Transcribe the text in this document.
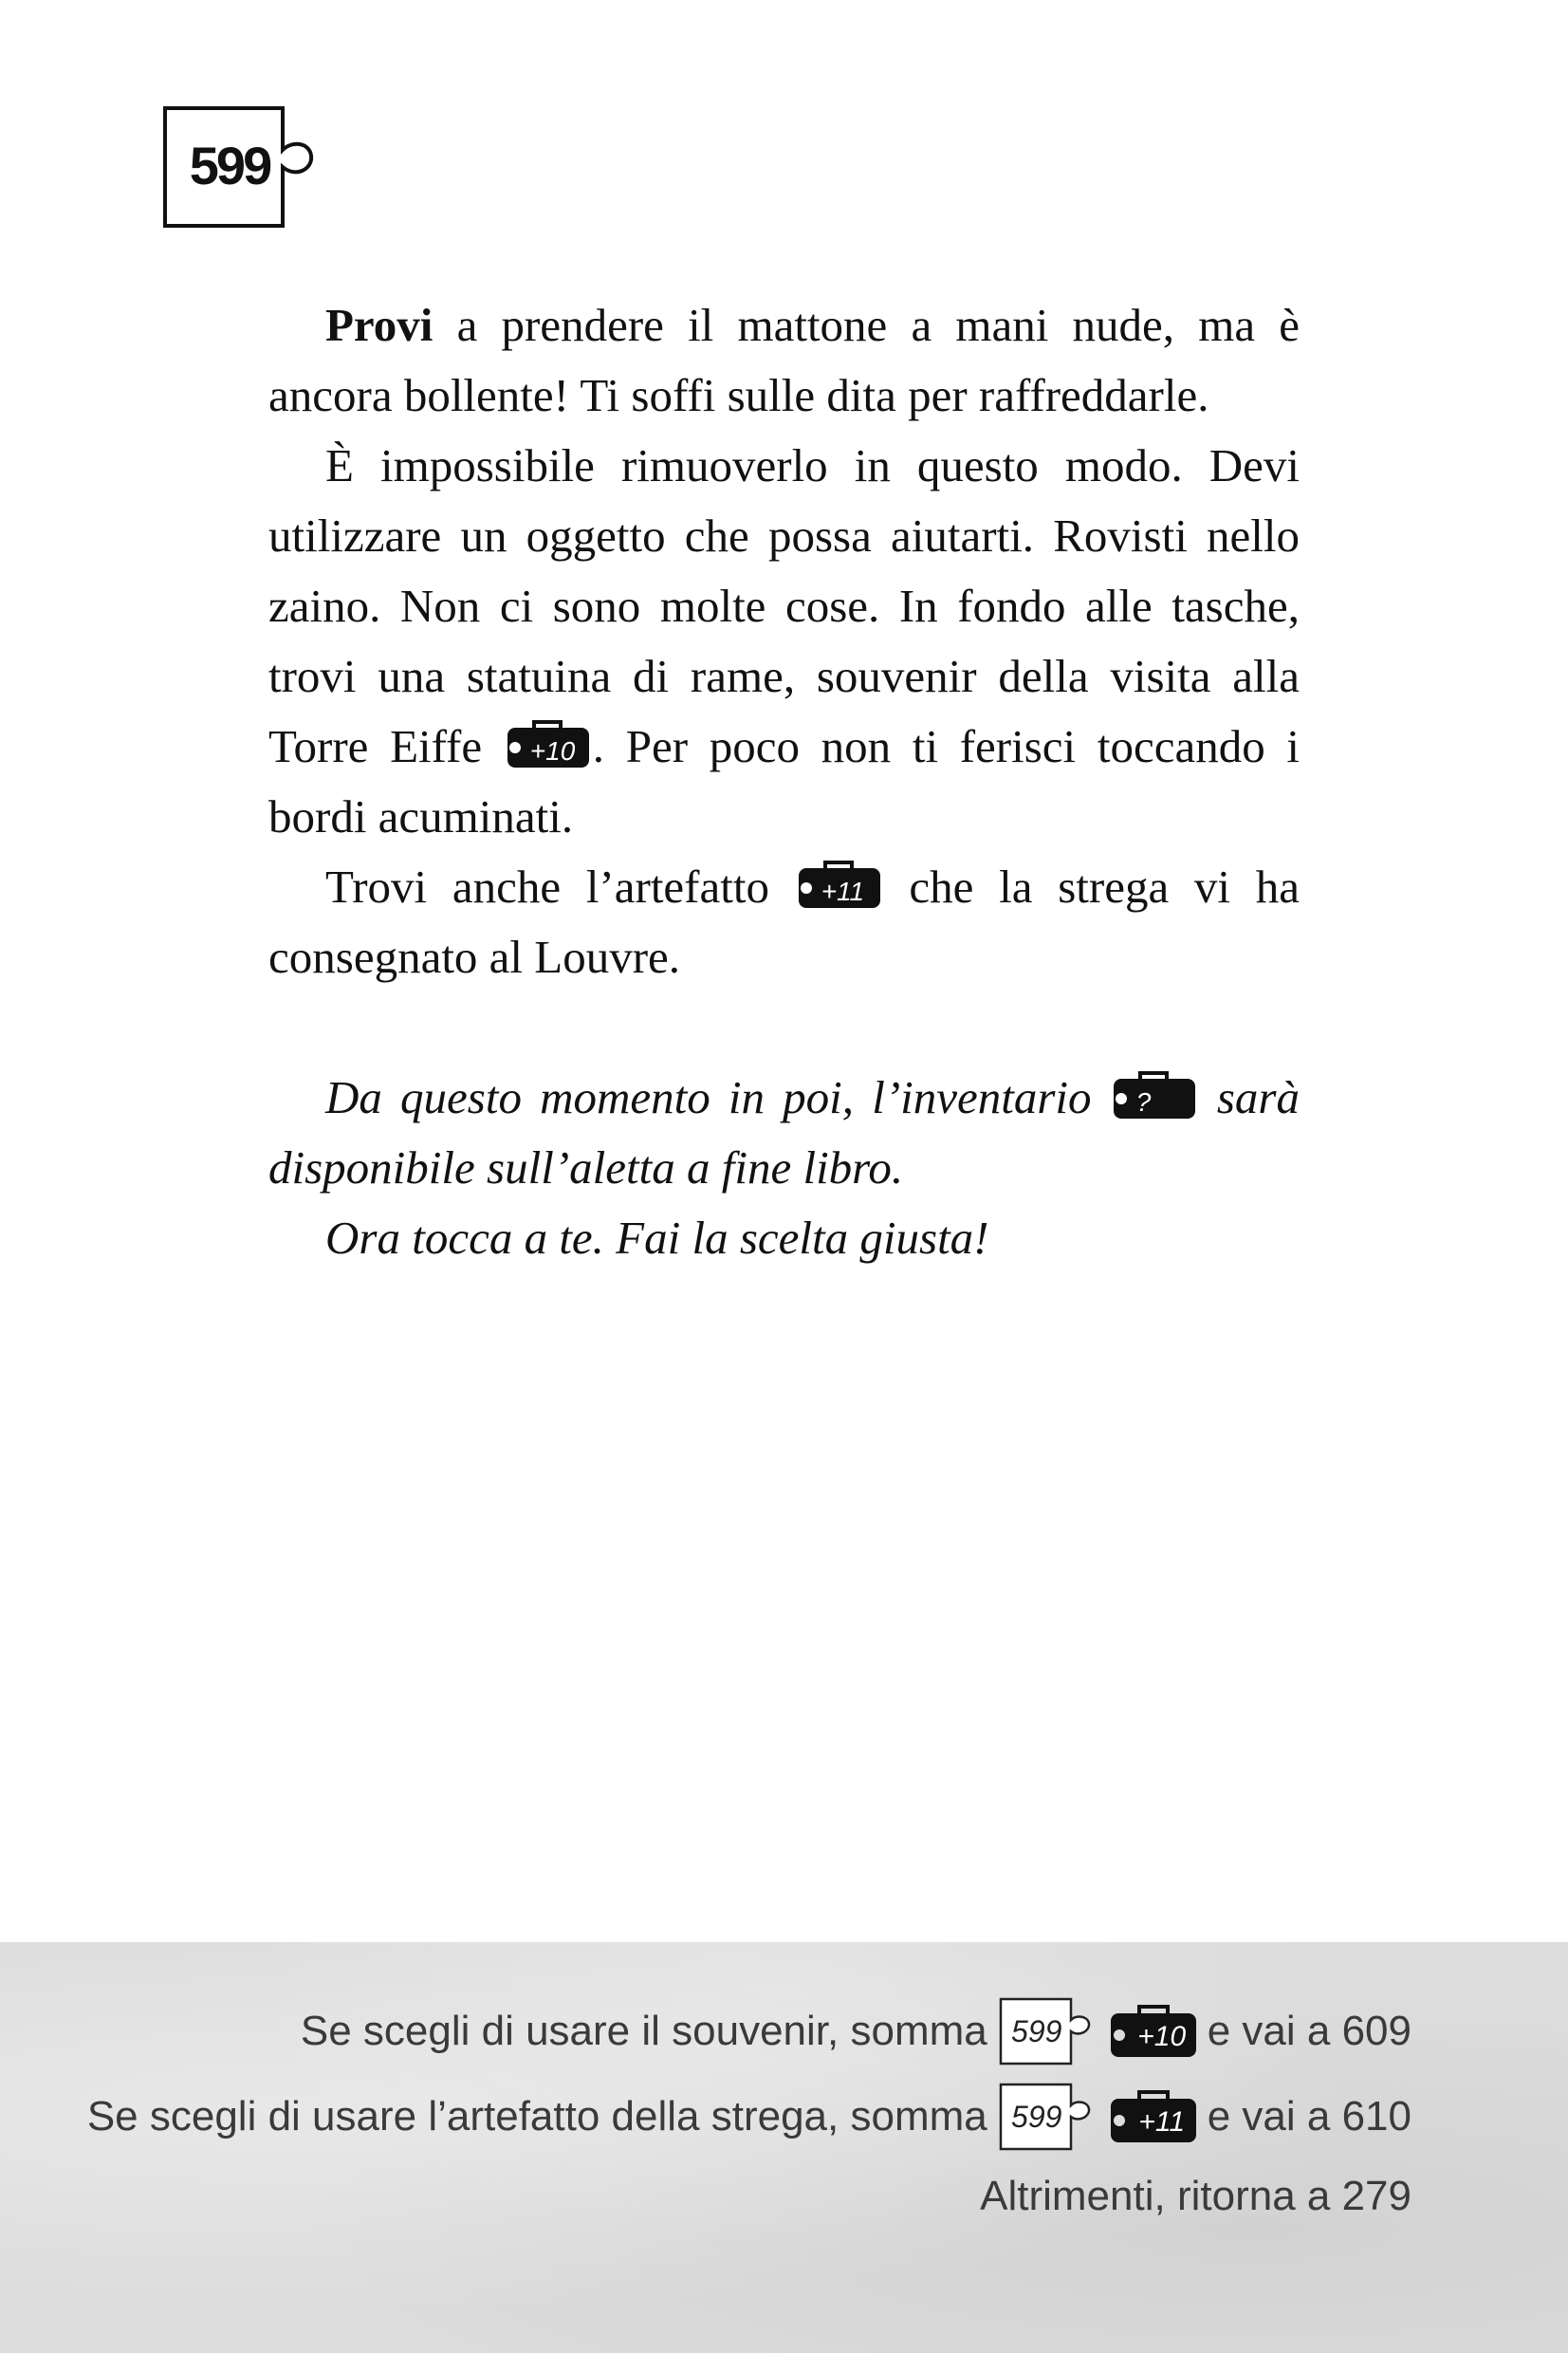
599

Provi a prendere il mattone a mani nude, ma è ancora bollente! Ti soffi sulle dita per raffreddarle.

È impossibile rimuoverlo in questo modo. Devi utilizzare un oggetto che possa aiutarti. Rovisti nello zaino. Non ci sono molte cose. In fondo alle tasche, trovi una statuina di rame, souvenir della visita alla Torre Eiffe +10 . Per poco non ti ferisci toccando i bordi acuminati.

Trovi anche l’artefatto +11 che la strega vi ha consegnato al Louvre.

Da questo momento in poi, l’inventario ?	sarà disponibile sull’aletta a fine libro.

Ora tocca a te. Fai la scelta giusta!

Se scegli di usare il souvenir, somma 599	+10 e vai a 609
Se scegli di usare l’artefatto della strega, somma 599	+11 e vai a 610
Altrimenti, ritorna a 279
